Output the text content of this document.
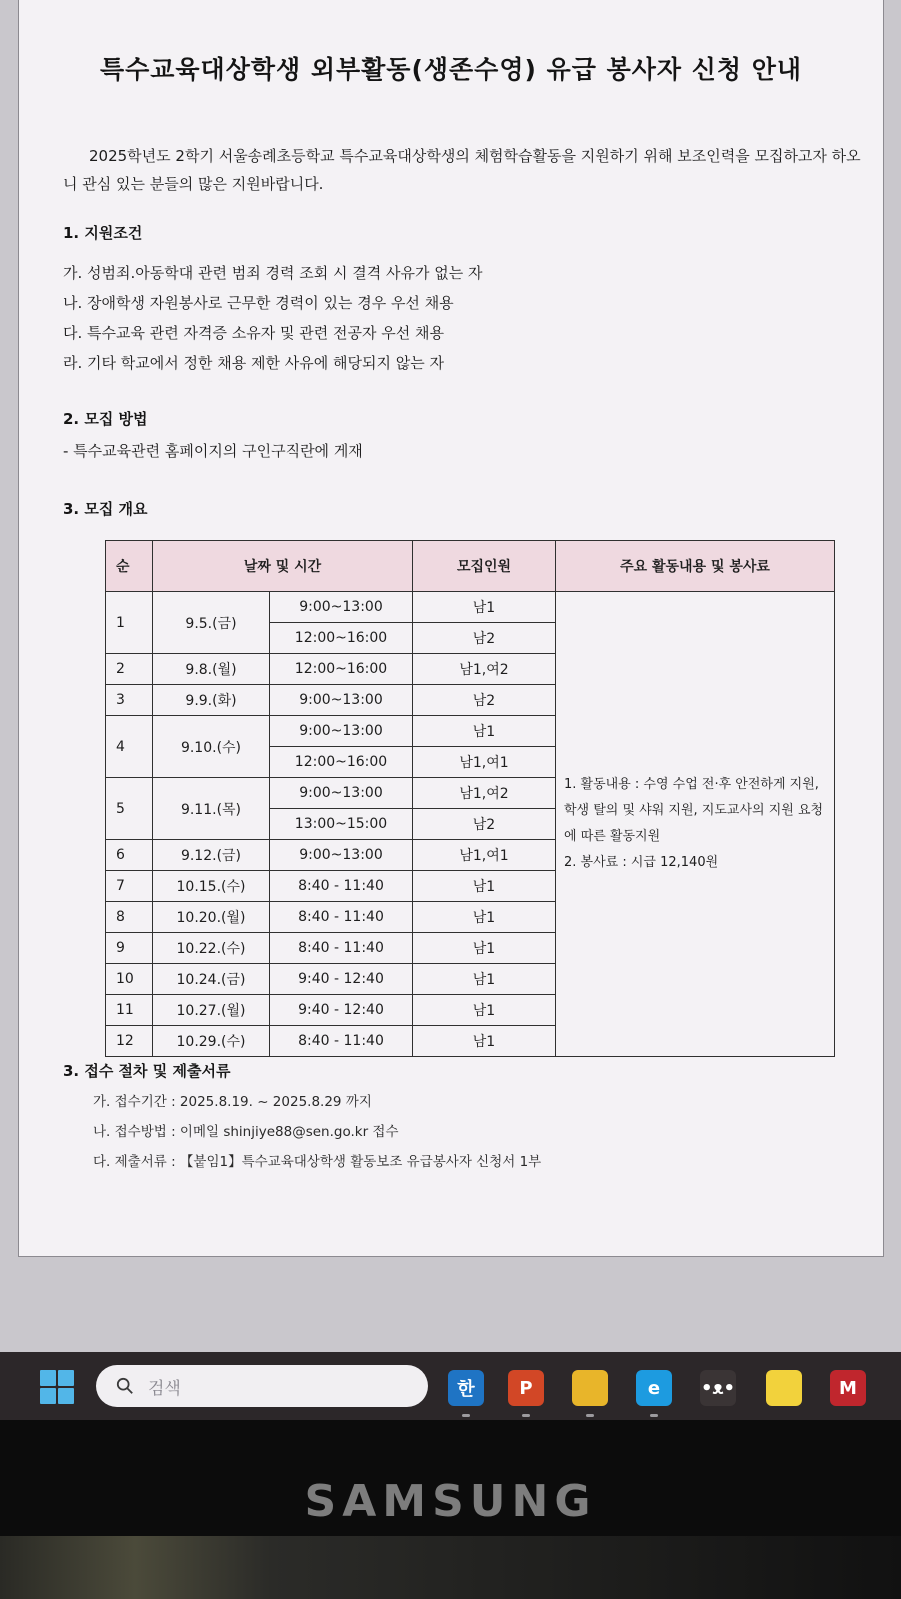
특수교육대상학생 외부활동(생존수영) 유급 봉사자 신청 안내
2025학년도 2학기 서울송례초등학교 특수교육대상학생의 체험학습활동을 지원하기 위해 보조인력을 모집하고자 하오니 관심 있는 분들의 많은 지원바랍니다.
1. 지원조건
가. 성범죄.아동학대 관련 범죄 경력 조회 시 결격 사유가 없는 자
나. 장애학생 자원봉사로 근무한 경력이 있는 경우 우선 채용
다. 특수교육 관련 자격증 소유자 및 관련 전공자 우선 채용
라. 기타 학교에서 정한 채용 제한 사유에 해당되지 않는 자
2. 모집 방법
- 특수교육관련 홈페이지의 구인구직란에 게재
3. 모집 개요
순	날짜 및 시간		모집인원	주요 활동내용 및 봉사료
1	9.5.(금)	9:00~13:00	남1	1. 활동내용 : 수영 수업 전·후 안전하게 지원, 학생 탈의 및 샤워 지원, 지도교사의 지원 요청에 따른 활동지원
2. 봉사료 : 시급 12,140원

		12:00~16:00	남2	
2	9.8.(월)	12:00~16:00	남1,여2	
3	9.9.(화)	9:00~13:00	남2	
4	9.10.(수)	9:00~13:00	남1	
		12:00~16:00	남1,여1	
5	9.11.(목)	9:00~13:00	남1,여2	
		13:00~15:00	남2	
6	9.12.(금)	9:00~13:00	남1,여1	
7	10.15.(수)	8:40 - 11:40	남1	
8	10.20.(월)	8:40 - 11:40	남1	
9	10.22.(수)	8:40 - 11:40	남1	
10	10.24.(금)	9:40 - 12:40	남1	
11	10.27.(월)	9:40 - 12:40	남1	
12	10.29.(수)	8:40 - 11:40	남1	
3. 접수 절차 및 제출서류
가. 접수기간 : 2025.8.19. ~ 2025.8.29 까지
나. 접수방법 : 이메일 shinjiye88@sen.go.kr 접수
다. 제출서류 : 【붙임1】특수교육대상학생 활동보조 유급봉사자 신청서 1부
검색	한	P	e	•ᴥ•	M
SAMSUNG
